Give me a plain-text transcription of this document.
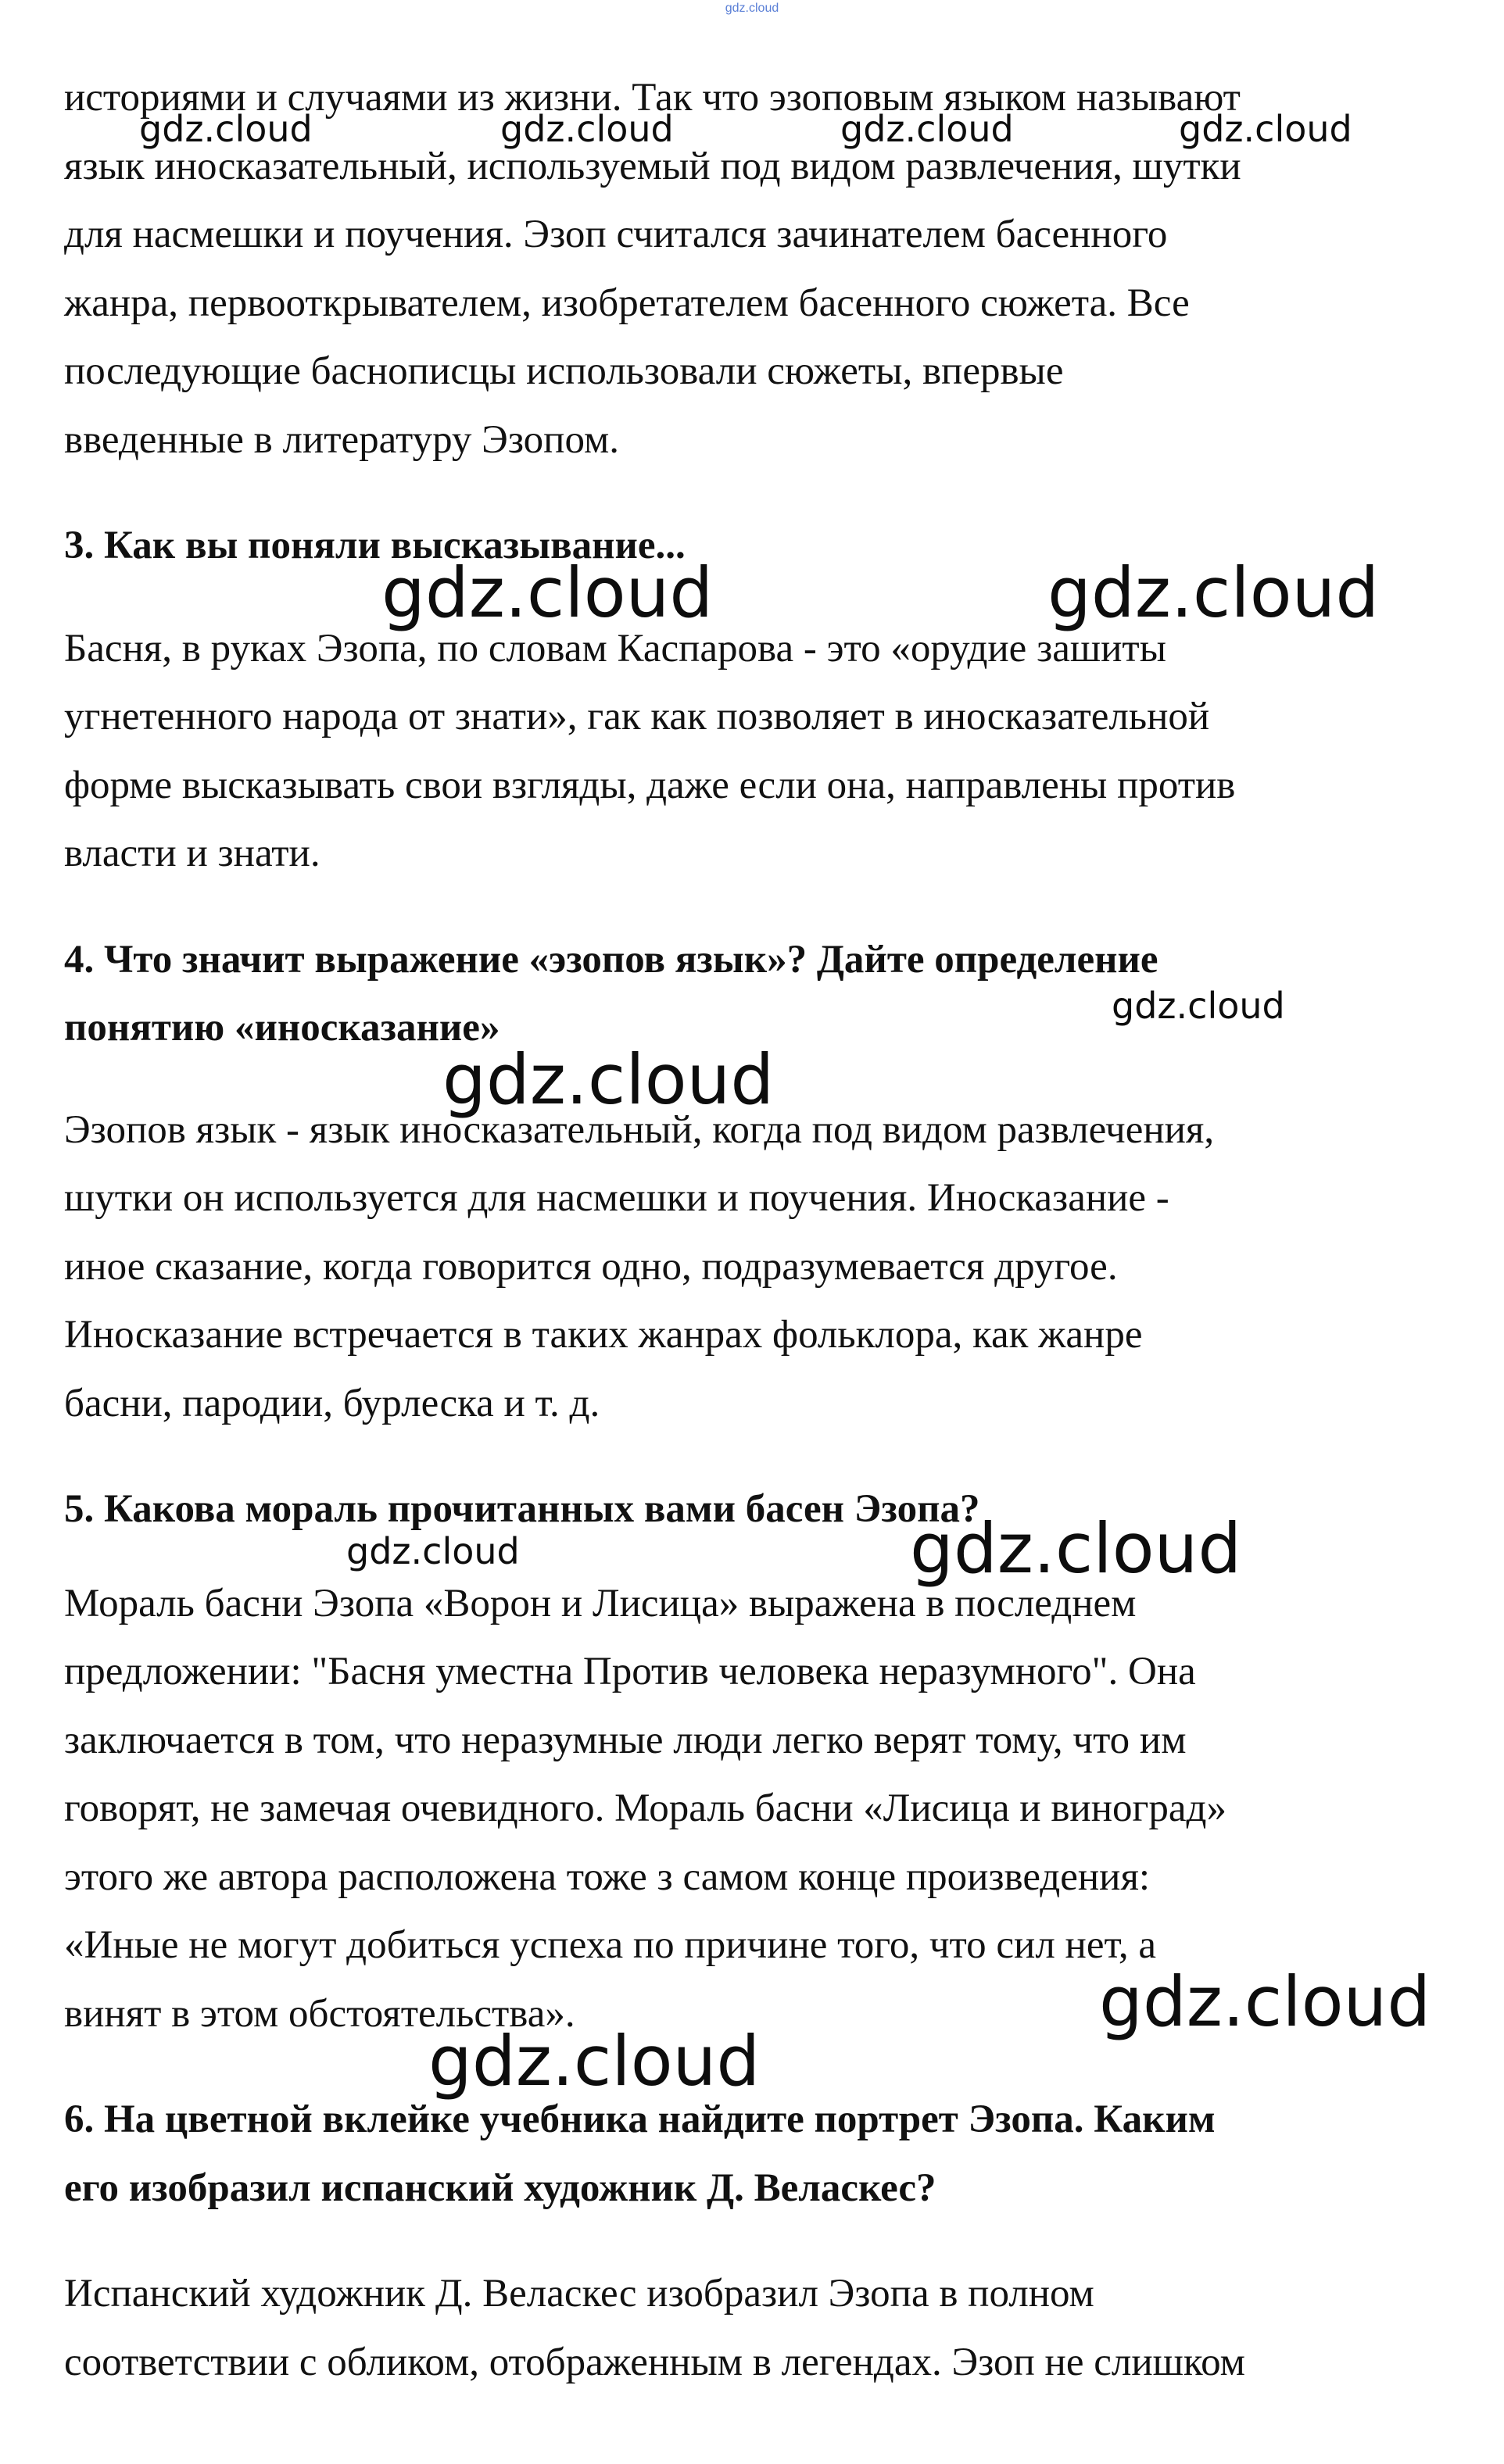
gdz.cloud

историями и случаями из жизни. Так что эзоповым языком называют

язык иносказательный, используемый под видом развлечения, шутки

для насмешки и поучения. Эзоп считался зачинателем басенного

жанра, первооткрывателем, изобретателем басенного сюжета. Все

последующие баснописцы использовали сюжеты, впервые

введенные в литературу Эзопом.

3. Как вы поняли высказывание...

Басня, в руках Эзопа, по словам Каспарова - это «орудие зашиты

угнетенного народа от знати», гак как позволяет в иносказательной

форме высказывать свои взгляды, даже если она, направлены против

власти и знати.

4. Что значит выражение «эзопов язык»? Дайте определение

понятию «иносказание»

Эзопов язык - язык иносказательный, когда под видом развлечения,

шутки он используется для насмешки и поучения. Иносказание -

иное сказание, когда говорится одно, подразумевается другое.

Иносказание встречается в таких жанрах фольклора, как жанре

басни, пародии, бурлеска и т. д.

5. Какова мораль прочитанных вами басен Эзопа?

Мораль басни Эзопа «Ворон и Лисица» выражена в последнем

предложении: "Басня уместна Против человека неразумного". Она

заключается в том, что неразумные люди легко верят тому, что им

говорят, не замечая очевидного. Мораль басни «Лисица и виноград»

этого же автора расположена тоже з самом конце произведения:

«Иные не могут добиться успеха по причине того, что сил нет, а

винят в этом обстоятельства».

6. На цветной вклейке учебника найдите портрет Эзопа. Каким

его изобразил испанский художник Д. Веласкес?

Испанский художник Д. Веласкес изобразил Эзопа в полном

соответствии с обликом, отображенным в легендах. Эзоп не слишком

gdz.cloud	gdz.cloud	gdz.cloud	gdz.cloud
gdz.cloud	gdz.cloud
gdz.cloud
gdz.cloud
gdz.cloud	gdz.cloud
gdz.cloud
gdz.cloud
